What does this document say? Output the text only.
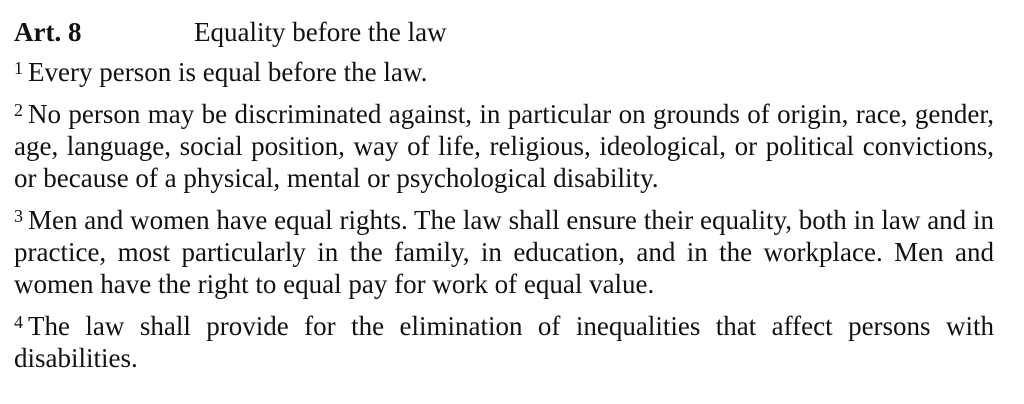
Art. 8	Equality before the law

$^1$ Every person is equal before the law.

$^2$ No person may be discriminated against, in particular on grounds of origin, race, gender, age, language, social position, way of life, religious, ideological, or political convictions, or because of a physical, mental or psychological disability.

$^3$ Men and women have equal rights. The law shall ensure their equality, both in law and in practice, most particularly in the family, in education, and in the workplace. Men and women have the right to equal pay for work of equal value.

$^4$ The law shall provide for the elimination of inequalities that affect persons with disabilities.
